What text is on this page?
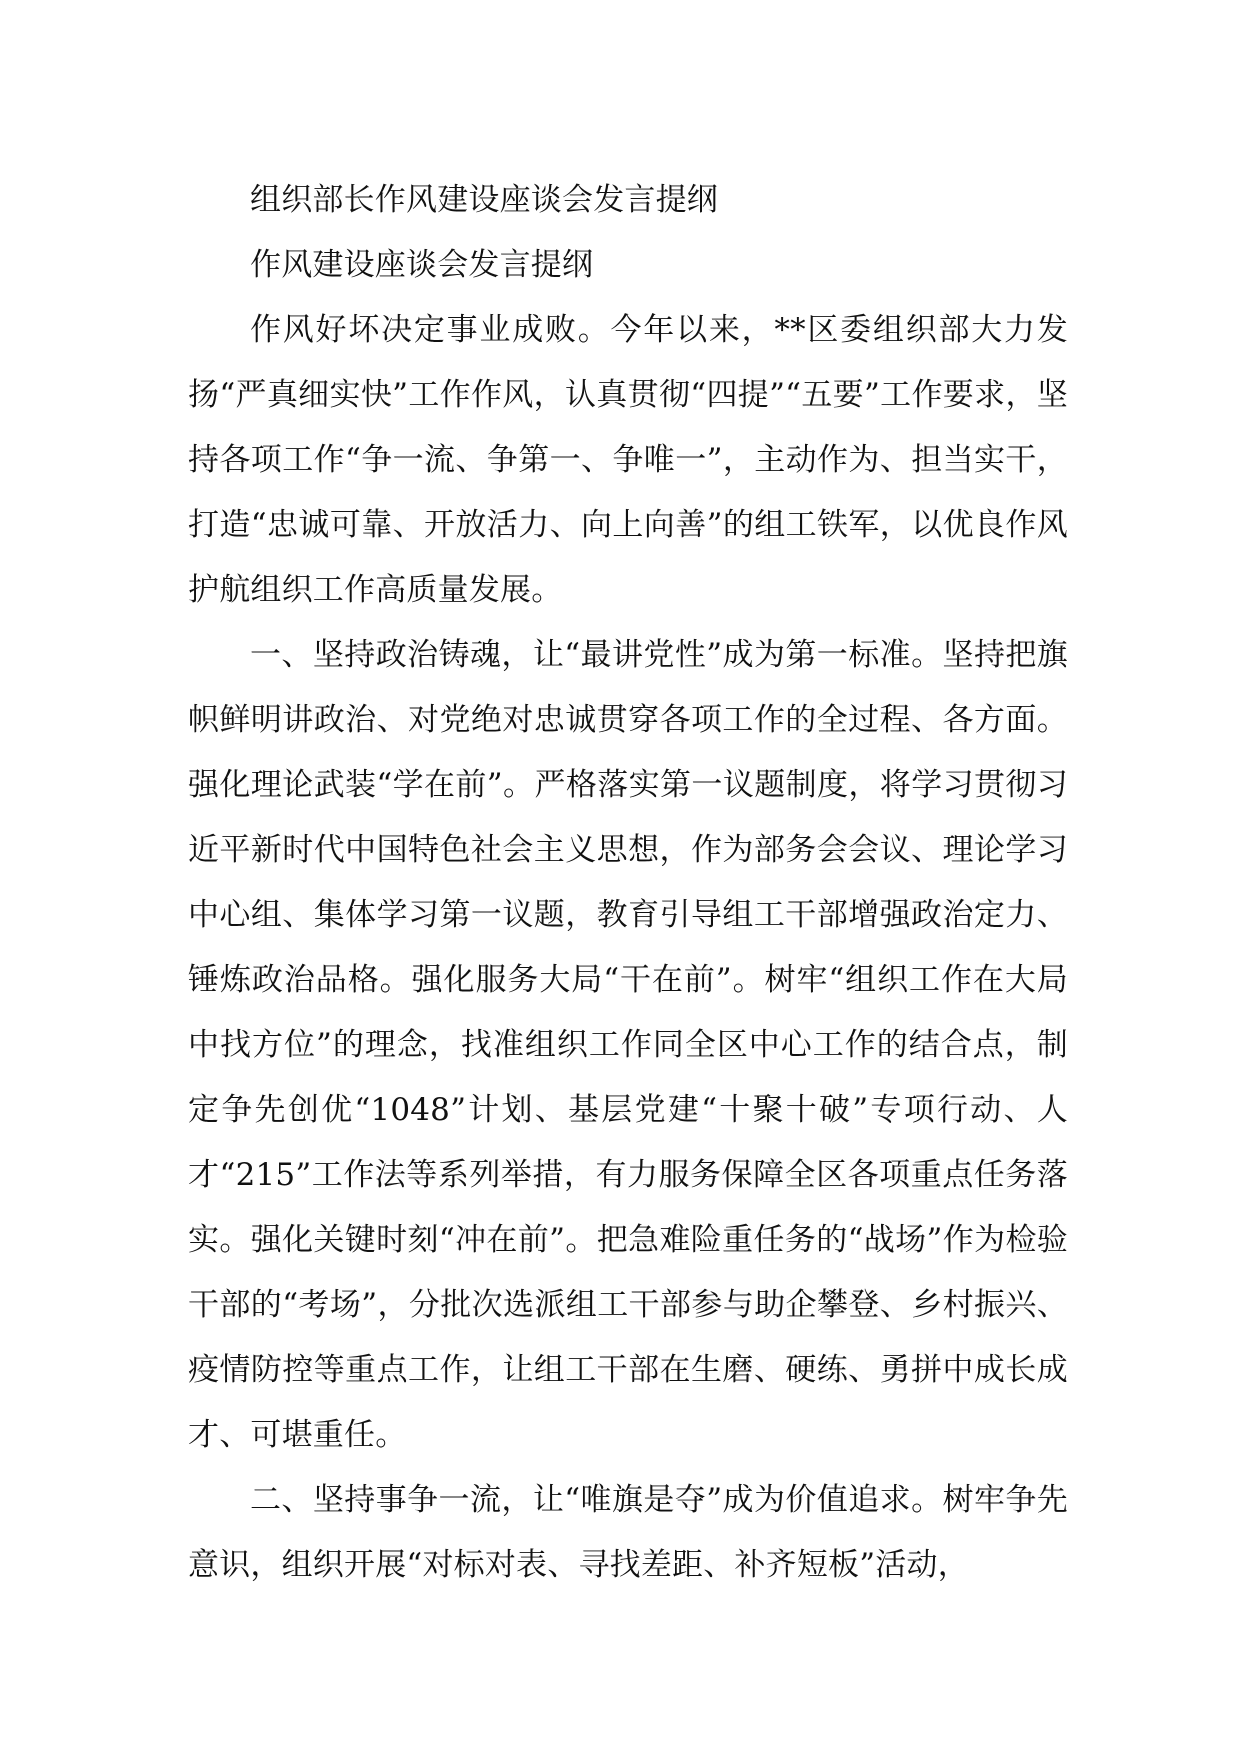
组织部长作风建设座谈会发言提纲

作风建设座谈会发言提纲

作风好坏决定事业成败。今年以来，**区委组织部大力发扬“严真细实快”工作作风，认真贯彻“四提”“五要”工作要求，坚持各项工作“争一流、争第一、争唯一”，主动作为、担当实干，打造“忠诚可靠、开放活力、向上向善”的组工铁军，以优良作风护航组织工作高质量发展。

一、坚持政治铸魂，让“最讲党性”成为第一标准。坚持把旗帜鲜明讲政治、对党绝对忠诚贯穿各项工作的全过程、各方面。强化理论武装“学在前”。严格落实第一议题制度，将学习贯彻习近平新时代中国特色社会主义思想，作为部务会会议、理论学习中心组、集体学习第一议题，教育引导组工干部增强政治定力、锤炼政治品格。强化服务大局“干在前”。树牢“组织工作在大局中找方位”的理念，找准组织工作同全区中心工作的结合点，制定争先创优“1048”计划、基层党建“十聚十破”专项行动、人才“215”工作法等系列举措，有力服务保障全区各项重点任务落实。强化关键时刻“冲在前”。把急难险重任务的“战场”作为检验干部的“考场”，分批次选派组工干部参与助企攀登、乡村振兴、疫情防控等重点工作，让组工干部在生磨、硬练、勇拼中成长成才、可堪重任。

二、坚持事争一流，让“唯旗是夺”成为价值追求。树牢争先意识，组织开展“对标对表、寻找差距、补齐短板”活动，
